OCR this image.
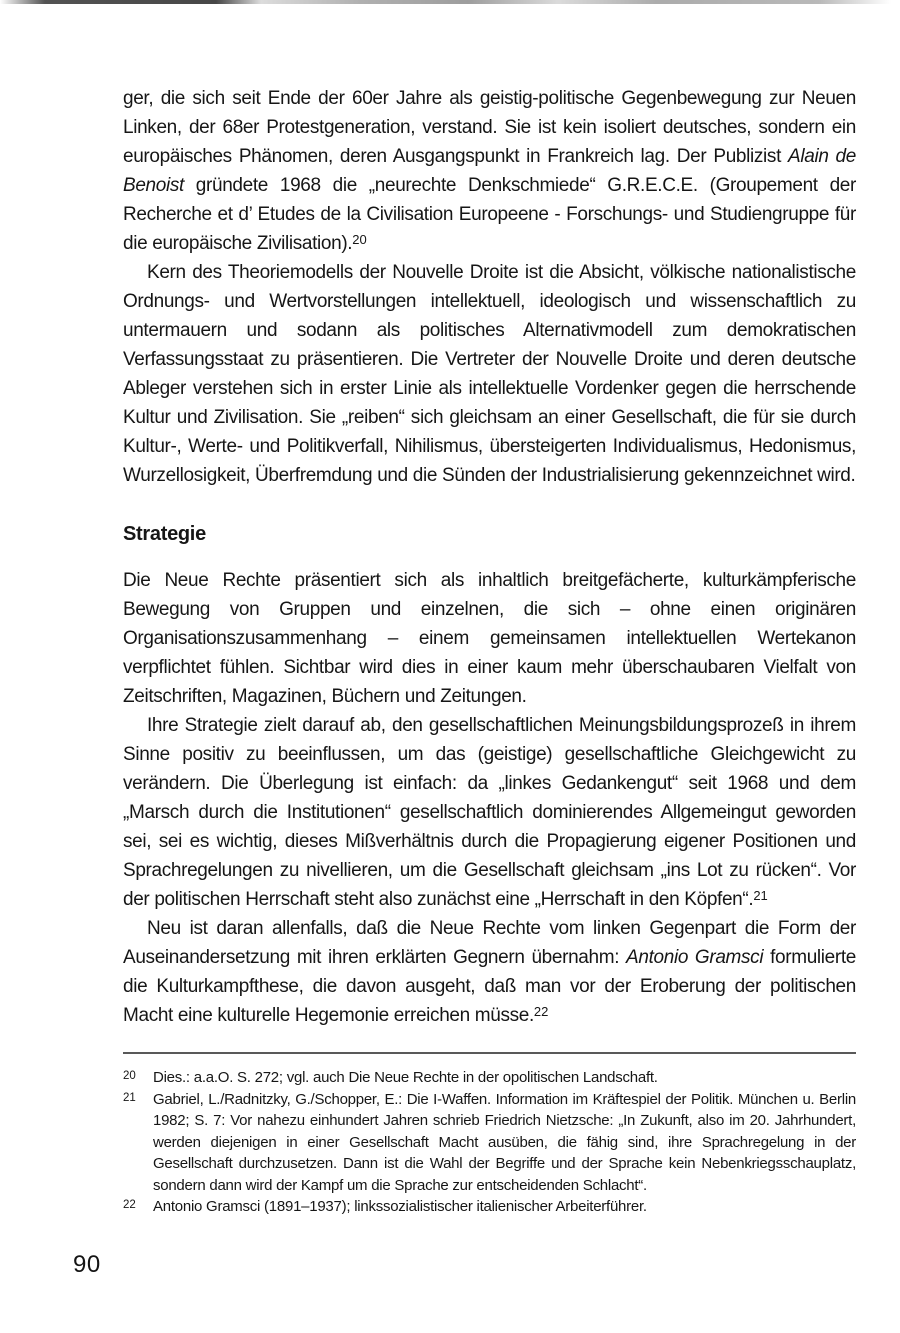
ger, die sich seit Ende der 60er Jahre als geistig-politische Gegenbewegung zur Neuen Linken, der 68er Protestgeneration, verstand. Sie ist kein isoliert deutsches, sondern ein europäisches Phänomen, deren Ausgangspunkt in Frankreich lag. Der Publizist Alain de Benoist gründete 1968 die „neurechte Denkschmiede“ G.R.E.C.E. (Groupement der Recherche et d’ Etudes de la Civilisation Europeene - Forschungs- und Studiengruppe für die europäische Zivilisation).$^{20}$

Kern des Theoriemodells der Nouvelle Droite ist die Absicht, völkische nationalistische Ordnungs- und Wertvorstellungen intellektuell, ideologisch und wissenschaftlich zu untermauern und sodann als politisches Alternativmodell zum demokratischen Verfassungsstaat zu präsentieren. Die Vertreter der Nouvelle Droite und deren deutsche Ableger verstehen sich in erster Linie als intellektuelle Vordenker gegen die herrschende Kultur und Zivilisation. Sie „reiben“ sich gleichsam an einer Gesellschaft, die für sie durch Kultur-, Werte- und Politikverfall, Nihilismus, übersteigerten Individualismus, Hedonismus, Wurzellosigkeit, Überfremdung und die Sünden der Industrialisierung gekennzeichnet wird.

Strategie

Die Neue Rechte präsentiert sich als inhaltlich breitgefächerte, kulturkämpferische Bewegung von Gruppen und einzelnen, die sich – ohne einen originären Organisationszusammenhang – einem gemeinsamen intellektuellen Wertekanon verpflichtet fühlen. Sichtbar wird dies in einer kaum mehr überschaubaren Vielfalt von Zeitschriften, Magazinen, Büchern und Zeitungen.

Ihre Strategie zielt darauf ab, den gesellschaftlichen Meinungsbildungsprozeß in ihrem Sinne positiv zu beeinflussen, um das (geistige) gesellschaftliche Gleichgewicht zu verändern. Die Überlegung ist einfach: da „linkes Gedankengut“ seit 1968 und dem „Marsch durch die Institutionen“ gesellschaftlich dominierendes Allgemeingut geworden sei, sei es wichtig, dieses Mißverhältnis durch die Propagierung eigener Positionen und Sprachregelungen zu nivellieren, um die Gesellschaft gleichsam „ins Lot zu rücken“. Vor der politischen Herrschaft steht also zunächst eine „Herrschaft in den Köpfen“.$^{21}$

Neu ist daran allenfalls, daß die Neue Rechte vom linken Gegenpart die Form der Auseinandersetzung mit ihren erklärten Gegnern übernahm: Antonio Gramsci formulierte die Kulturkampfthese, die davon ausgeht, daß man vor der Eroberung der politischen Macht eine kulturelle Hegemonie erreichen müsse.$^{22}$

$^{20}$ Dies.: a.a.O. S. 272; vgl. auch Die Neue Rechte in der opolitischen Landschaft.

$^{21}$ Gabriel, L./Radnitzky, G./Schopper, E.: Die I-Waffen. Information im Kräftespiel der Politik. München u. Berlin 1982; S. 7: Vor nahezu einhundert Jahren schrieb Friedrich Nietzsche: „In Zukunft, also im 20. Jahrhundert, werden diejenigen in einer Gesellschaft Macht ausüben, die fähig sind, ihre Sprachregelung in der Gesellschaft durchzusetzen. Dann ist die Wahl der Begriffe und der Sprache kein Nebenkriegsschauplatz, sondern dann wird der Kampf um die Sprache zur entscheidenden Schlacht“.

$^{22}$ Antonio Gramsci (1891–1937); linkssozialistischer italienischer Arbeiterführer.

90
